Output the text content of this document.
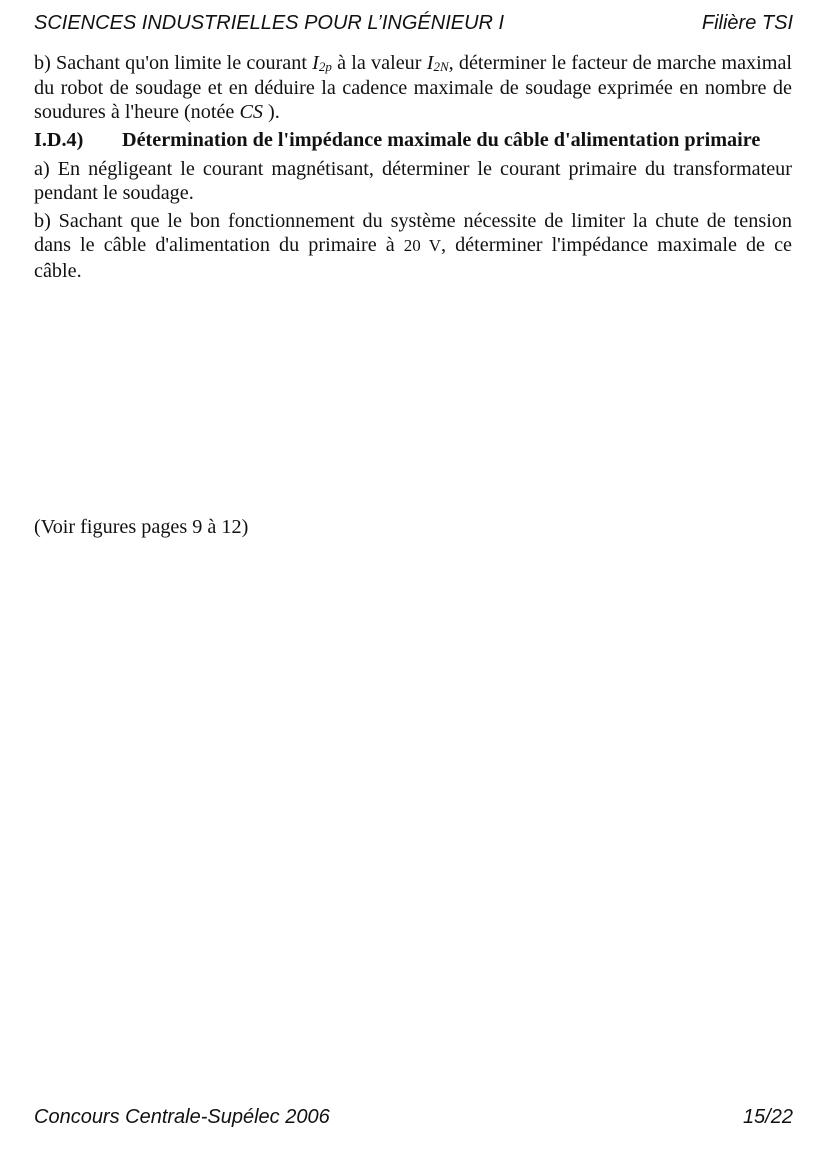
SCIENCES INDUSTRIELLES POUR L’INGÉNIEUR I	Filière TSI

b) Sachant qu'on limite le courant $I_{2p}$ à la valeur $I_{2N}$, déterminer le facteur de marche maximal du robot de soudage et en déduire la cadence maximale de soudage exprimée en nombre de soudures à l'heure (notée CS ).

I.D.4) Détermination de l'impédance maximale du câble d'alimentation primaire

a) En négligeant le courant magnétisant, déterminer le courant primaire du transformateur pendant le soudage.

b) Sachant que le bon fonctionnement du système nécessite de limiter la chute de tension dans le câble d'alimentation du primaire à 20 V, déterminer l'impédance maximale de ce câble.

(Voir figures pages 9 à 12)
Concours Centrale-Supélec 2006	15/22
